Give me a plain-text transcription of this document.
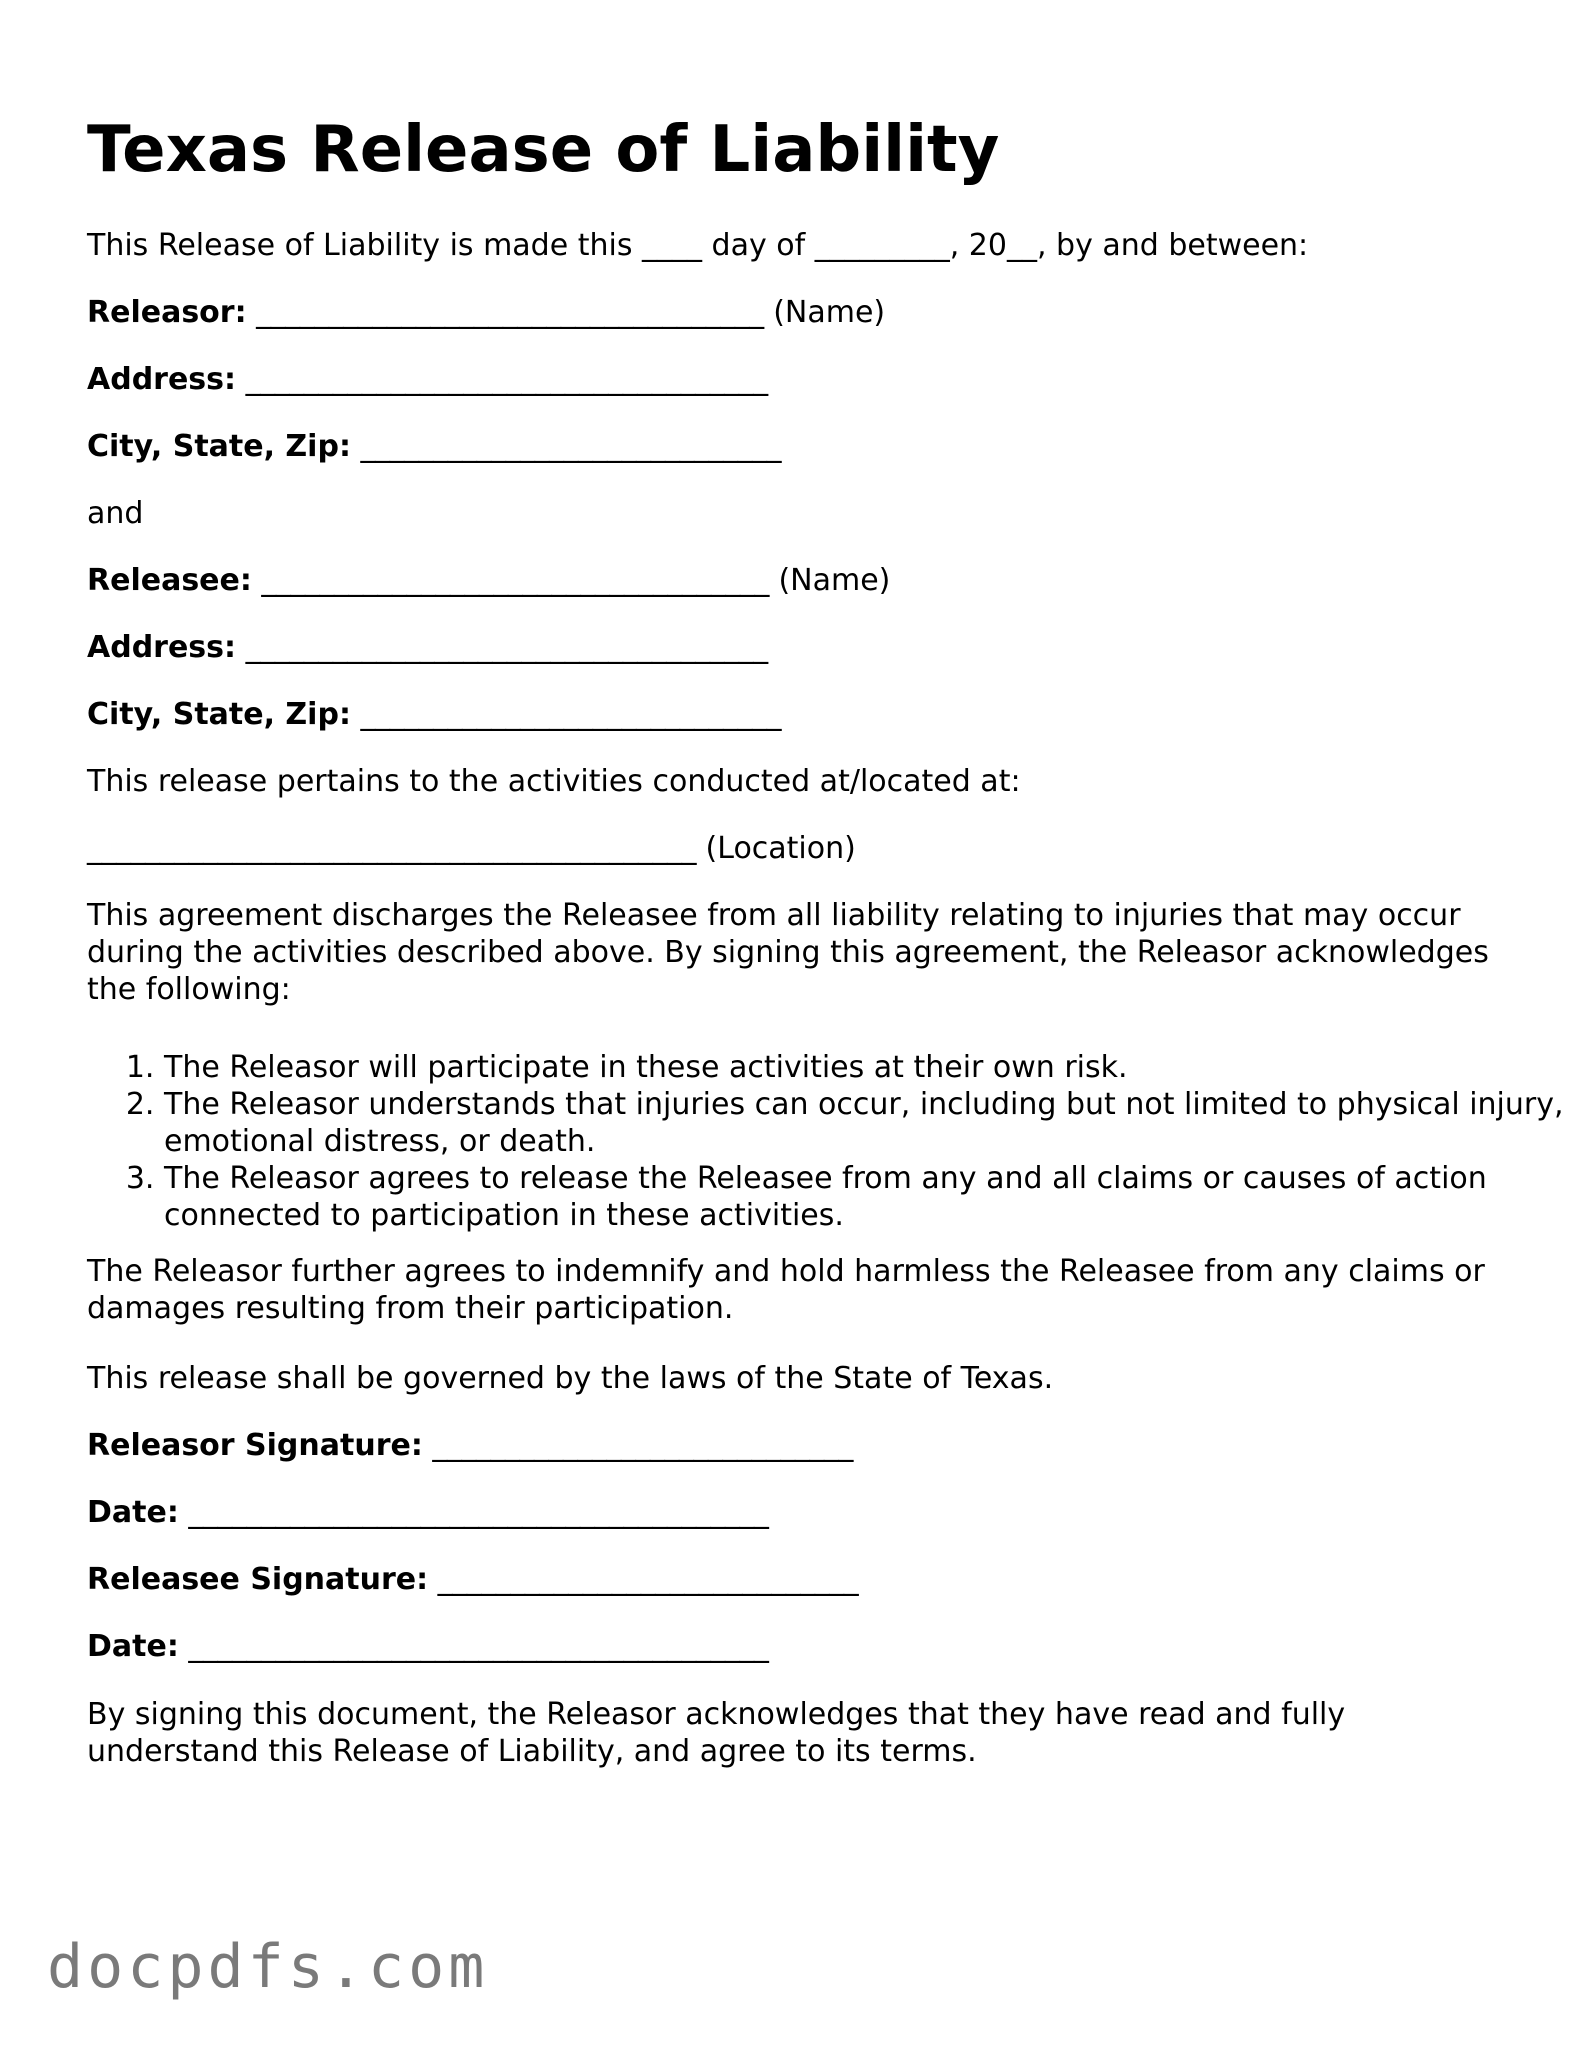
Texas Release of Liability

This Release of Liability is made this ____ day of _________, 20__, by and between:

Releasor: ___________________________________ (Name)

Address: ____________________________________

City, State, Zip: _____________________________

and

Releasee: ___________________________________ (Name)

Address: ____________________________________

City, State, Zip: _____________________________

This release pertains to the activities conducted at/located at:

__________________________________________ (Location)

This agreement discharges the Releasee from all liability relating to injuries that may occur during the activities described above. By signing this agreement, the Releasor acknowledges the following:

1. The Releasor will participate in these activities at their own risk.
2. The Releasor understands that injuries can occur, including but not limited to physical injury, emotional distress, or death.
3. The Releasor agrees to release the Releasee from any and all claims or causes of action connected to participation in these activities.

The Releasor further agrees to indemnify and hold harmless the Releasee from any claims or damages resulting from their participation.

This release shall be governed by the laws of the State of Texas.

Releasor Signature: _____________________________

Date: ________________________________________

Releasee Signature: _____________________________

Date: ________________________________________

By signing this document, the Releasor acknowledges that they have read and fully understand this Release of Liability, and agree to its terms.

docpdfs.com
